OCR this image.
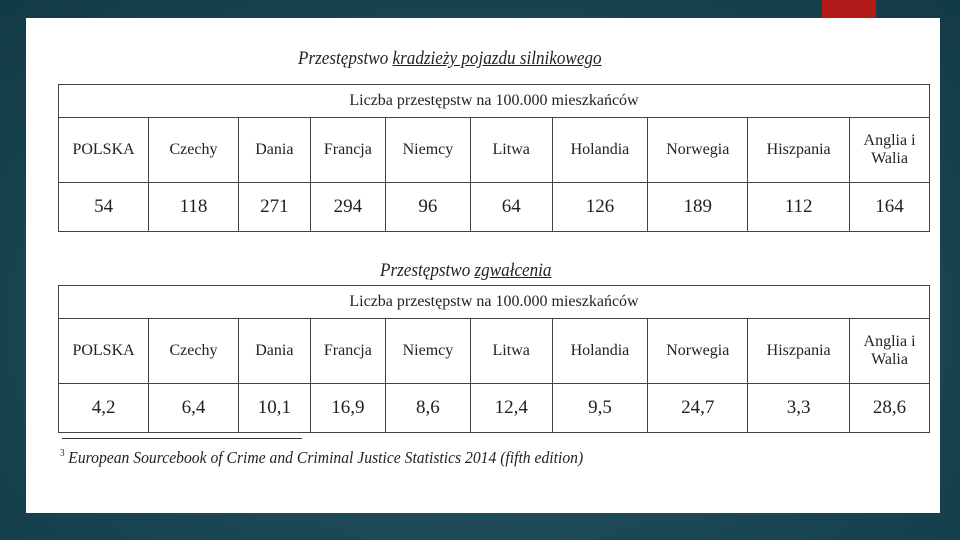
Przestępstwo kradzieży pojazdu silnikowego
Liczba przestępstw na 100.000 mieszkańców									
POLSKA	Czechy	Dania	Francja	Niemcy	Litwa	Holandia	Norwegia	Hiszpania	Anglia i Walia
54	118	271	294	96	64	126	189	112	164
Przestępstwo zgwałcenia
Liczba przestępstw na 100.000 mieszkańców									
POLSKA	Czechy	Dania	Francja	Niemcy	Litwa	Holandia	Norwegia	Hiszpania	Anglia i Walia
4,2	6,4	10,1	16,9	8,6	12,4	9,5	24,7	3,3	28,6
$^3$ European Sourcebook of Crime and Criminal Justice Statistics 2014 (fifth edition)
